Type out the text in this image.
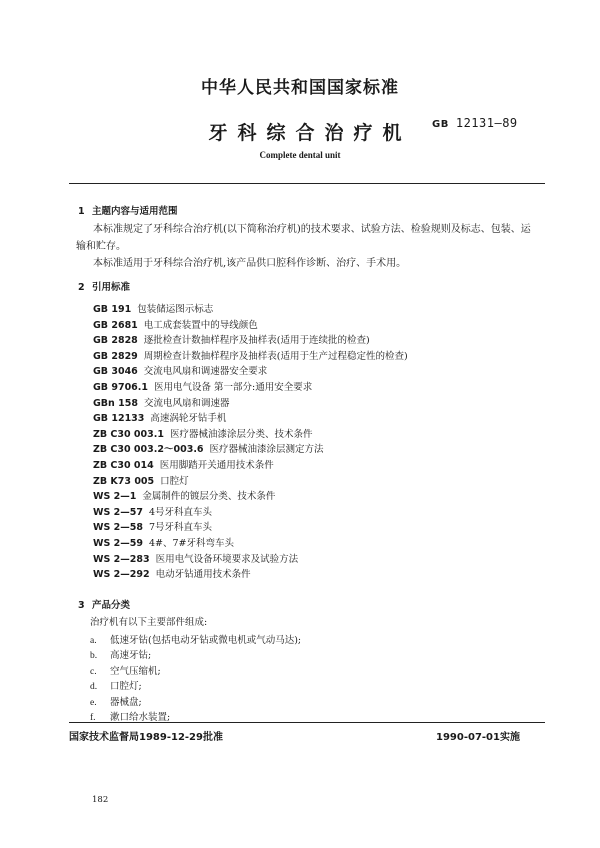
中华人民共和国国家标准
牙科综合治疗机	GB 12131—89
Complete dental unit
1 主题内容与适用范围
本标准规定了牙科综合治疗机(以下简称治疗机)的技术要求、试验方法、检验规则及标志、包装、运
输和贮存。
本标准适用于牙科综合治疗机,该产品供口腔科作诊断、治疗、手术用。
2 引用标准
GB 191 包装储运图示标志
GB 2681 电工成套装置中的导线颜色
GB 2828 逐批检查计数抽样程序及抽样表(适用于连续批的检查)
GB 2829 周期检查计数抽样程序及抽样表(适用于生产过程稳定性的检查)
GB 3046 交流电风扇和调速器安全要求
GB 9706.1 医用电气设备 第一部分:通用安全要求
GBn 158 交流电风扇和调速器
GB 12133 高速涡轮牙钻手机
ZB C30 003.1 医疗器械油漆涂层分类、技术条件
ZB C30 003.2～003.6 医疗器械油漆涂层测定方法
ZB C30 014 医用脚踏开关通用技术条件
ZB K73 005 口腔灯
WS 2—1 金属制件的镀层分类、技术条件
WS 2—57 4号牙科直车头
WS 2—58 7号牙科直车头
WS 2—59 4#、7#牙科弯车头
WS 2—283 医用电气设备环境要求及试验方法
WS 2—292 电动牙钻通用技术条件
3 产品分类
治疗机有以下主要部件组成:
a. 低速牙钻(包括电动牙钻或微电机或气动马达);
b. 高速牙钻;
c. 空气压缩机;
d. 口腔灯;
e. 器械盘;
f. 漱口给水装置;
国家技术监督局1989-12-29批准	1990-07-01实施
182
